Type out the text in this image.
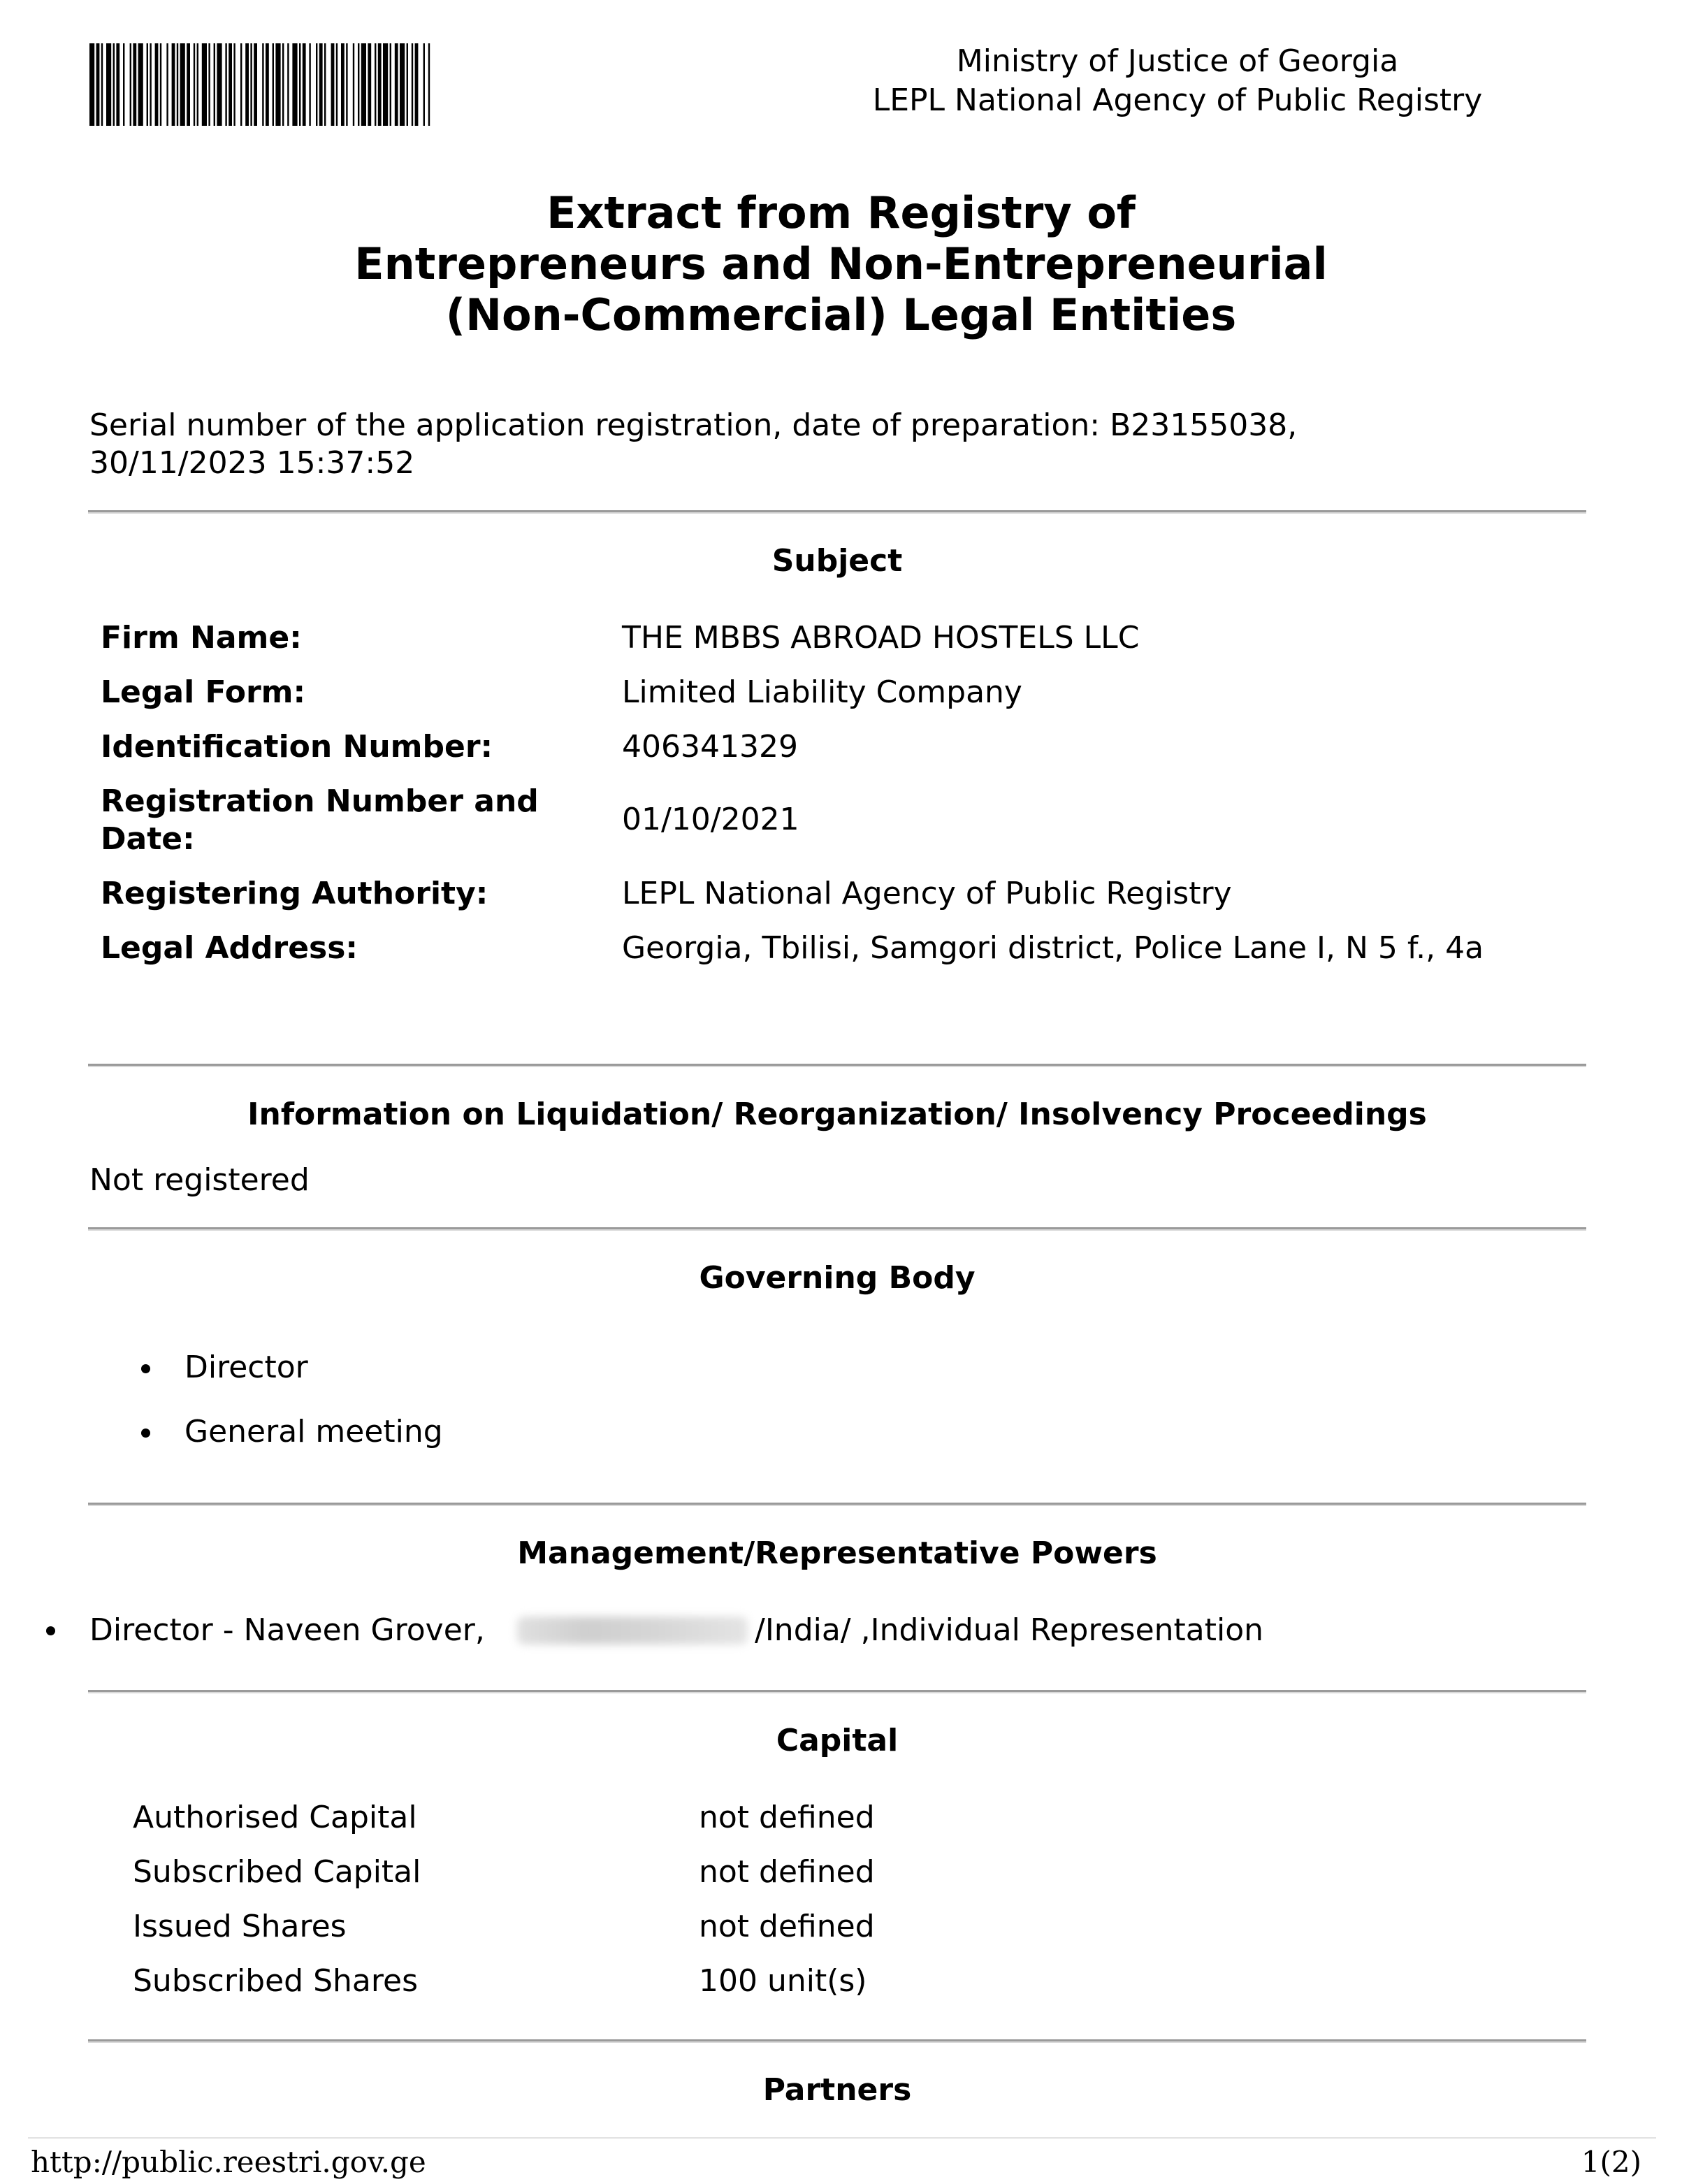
Ministry of Justice of Georgia
LEPL National Agency of Public Registry
Extract from Registry of
Entrepreneurs and Non-Entrepreneurial
(Non-Commercial) Legal Entities
Serial number of the application registration, date of preparation: B23155038,
30/11/2023 15:37:52
Subject
Firm Name:	THE MBBS ABROAD HOSTELS LLC
Legal Form:	Limited Liability Company
Identification Number:	406341329
Registration Number and
Date:
01/10/2021
Registering Authority:	LEPL National Agency of Public Registry
Legal Address:	Georgia, Tbilisi, Samgori district, Police Lane I, N 5 f., 4a
Information on Liquidation/ Reorganization/ Insolvency Proceedings
Not registered
Governing Body
Director
General meeting
Management/Representative Powers
Director - Naveen Grover,	/India/ ,Individual Representation
Capital
Authorised Capital	not defined
Subscribed Capital	not defined
Issued Shares	not defined
Subscribed Shares	100 unit(s)
Partners
http://public.reestri.gov.ge	1(2)
